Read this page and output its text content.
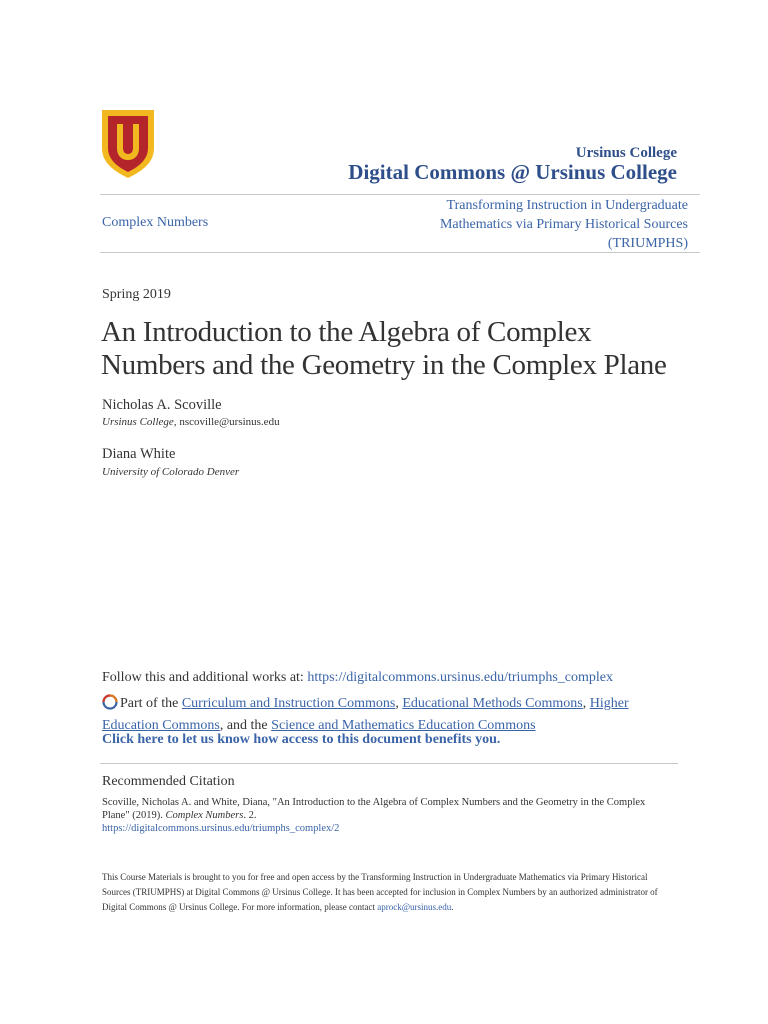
Ursinus College
Digital Commons @ Ursinus College
Complex Numbers
Transforming Instruction in Undergraduate
Mathematics via Primary Historical Sources
(TRIUMPHS)
Spring 2019
An Introduction to the Algebra of Complex
Numbers and the Geometry in the Complex Plane
Nicholas A. Scoville
Ursinus College, nscoville@ursinus.edu
Diana White
University of Colorado Denver
Follow this and additional works at: https://digitalcommons.ursinus.edu/triumphs_complex
Part of the Curriculum and Instruction Commons, Educational Methods Commons, Higher Education Commons, and the Science and Mathematics Education Commons
Click here to let us know how access to this document benefits you.
Recommended Citation
Scoville, Nicholas A. and White, Diana, "An Introduction to the Algebra of Complex Numbers and the Geometry in the Complex Plane" (2019). Complex Numbers. 2.
https://digitalcommons.ursinus.edu/triumphs_complex/2
This Course Materials is brought to you for free and open access by the Transforming Instruction in Undergraduate Mathematics via Primary Historical Sources (TRIUMPHS) at Digital Commons @ Ursinus College. It has been accepted for inclusion in Complex Numbers by an authorized administrator of Digital Commons @ Ursinus College. For more information, please contact aprock@ursinus.edu.
